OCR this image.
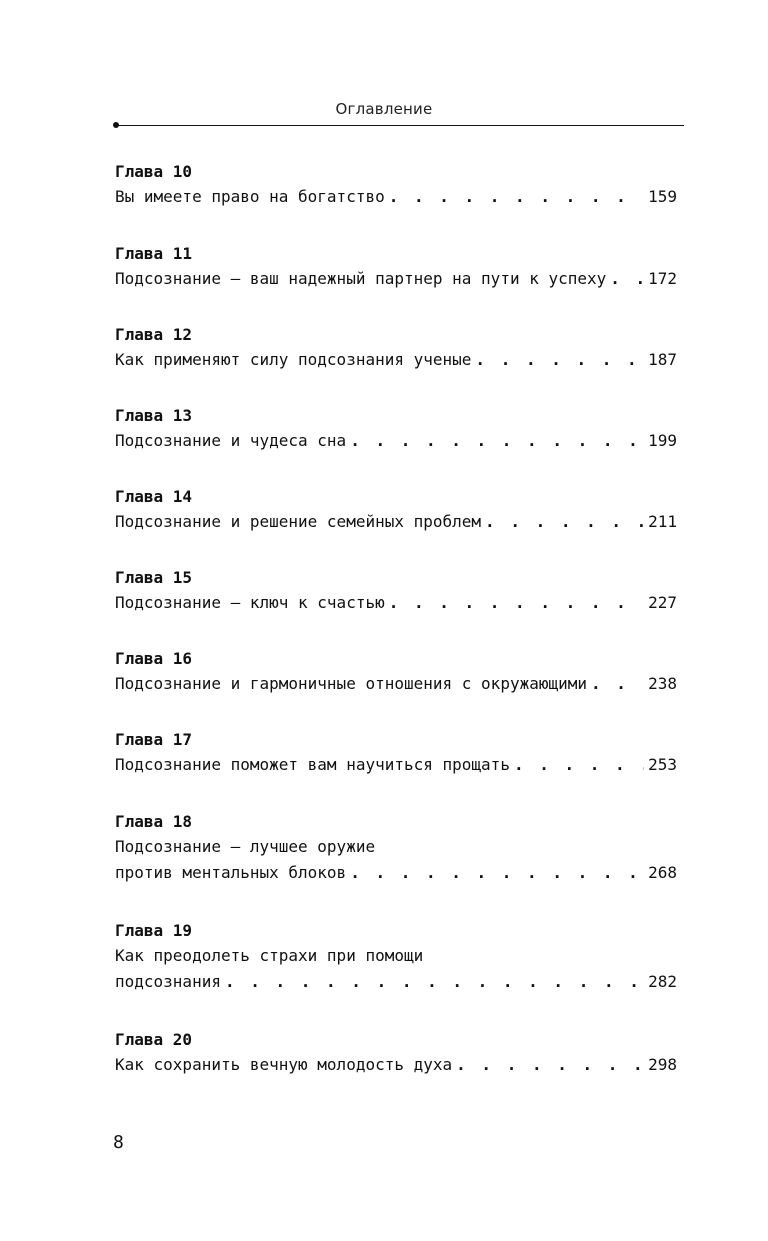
Оглавление
Глава 10
Вы имеете право на богатство . . .	159
Глава 11
Подсознание — ваш надежный партнер на пути к успеху . . .	172
Глава 12
Как применяют силу подсознания ученые . . .	187
Глава 13
Подсознание и чудеса сна . . .	199
Глава 14
Подсознание и решение семейных проблем . . .	211
Глава 15
Подсознание — ключ к счастью . . .	227
Глава 16
Подсознание и гармоничные отношения с окружающими . . .	238
Глава 17
Подсознание поможет вам научиться прощать . . .	253
Глава 18
Подсознание — лучшее оружие
против ментальных блоков . . .	268
Глава 19
Как преодолеть страхи при помощи
подсознания . . .	282
Глава 20
Как сохранить вечную молодость духа . . .	298
8
